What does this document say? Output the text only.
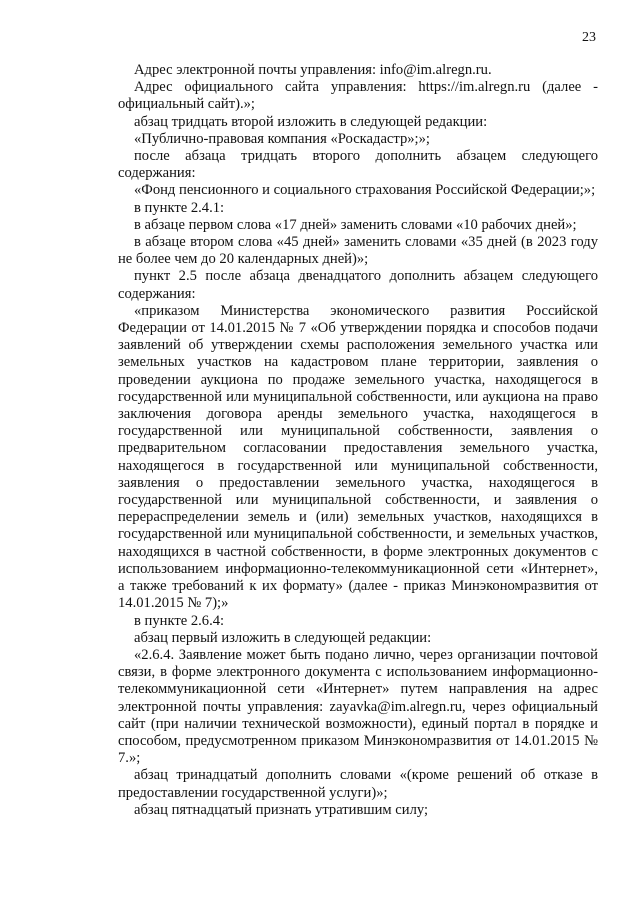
23

Адрес электронной почты управления: info@im.alregn.ru.

Адрес официального сайта управления: https://im.alregn.ru (далее - официальный сайт).»;

абзац тридцать второй изложить в следующей редакции:

«Публично-правовая компания «Роскадастр»;»;

после абзаца тридцать второго дополнить абзацем следующего содержания:

«Фонд пенсионного и социального страхования Российской Федерации;»;

в пункте 2.4.1:

в абзаце первом слова «17 дней» заменить словами «10 рабочих дней»;

в абзаце втором слова «45 дней» заменить словами «35 дней (в 2023 году не более чем до 20 календарных дней)»;

пункт 2.5 после абзаца двенадцатого дополнить абзацем следующего содержания:

«приказом Министерства экономического развития Российской Федерации от 14.01.2015 № 7 «Об утверждении порядка и способов подачи заявлений об утверждении схемы расположения земельного участка или земельных участков на кадастровом плане территории, заявления о проведении аукциона по продаже земельного участка, находящегося в государственной или муниципальной собственности, или аукциона на право заключения договора аренды земельного участка, находящегося в государственной или муниципальной собственности, заявления о предварительном согласовании предоставления земельного участка, находящегося в государственной или муниципальной собственности, заявления о предоставлении земельного участка, находящегося в государственной или муниципальной собственности, и заявления о перераспределении земель и (или) земельных участков, находящихся в государственной или муниципальной собственности, и земельных участков, находящихся в частной собственности, в форме электронных документов с использованием информационно-телекоммуникационной сети «Интернет», а также требований к их формату» (далее - приказ Минэкономразвития от 14.01.2015 № 7);»

в пункте 2.6.4:

абзац первый изложить в следующей редакции:

«2.6.4. Заявление может быть подано лично, через организации почтовой связи, в форме электронного документа с использованием информационно-телекоммуникационной сети «Интернет» путем направления на адрес электронной почты управления: zayavka@im.alregn.ru, через официальный сайт (при наличии технической возможности), единый портал в порядке и способом, предусмотренном приказом Минэкономразвития от 14.01.2015 № 7.»;

абзац тринадцатый дополнить словами «(кроме решений об отказе в предоставлении государственной услуги)»;

абзац пятнадцатый признать утратившим силу;
